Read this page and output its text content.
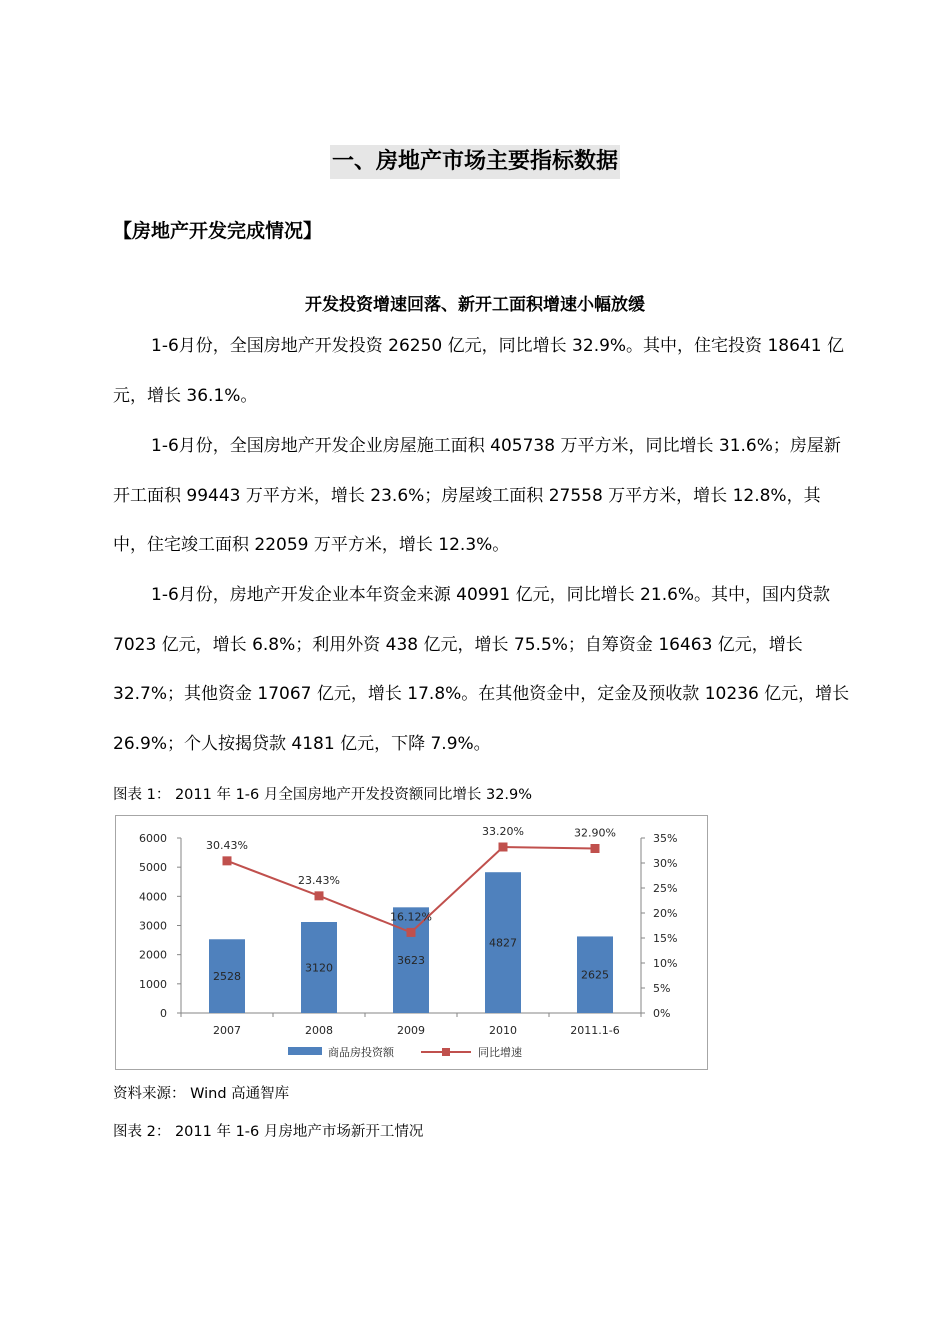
一、房地产市场主要指标数据
【房地产开发完成情况】
开发投资增速回落、新开工面积增速小幅放缓

1-6月份，全国房地产开发投资 26250 亿元，同比增长 32.9%。其中，住宅投资 18641 亿元，增长 36.1%。

1-6月份，全国房地产开发企业房屋施工面积 405738 万平方米，同比增长 31.6%；房屋新开工面积 99443 万平方米，增长 23.6%；房屋竣工面积 27558 万平方米，增长 12.8%，其中，住宅竣工面积 22059 万平方米，增长 12.3%。

1-6月份，房地产开发企业本年资金来源 40991 亿元，同比增长 21.6%。其中，国内贷款 7023 亿元，增长 6.8%；利用外资 438 亿元，增长 75.5%；自筹资金 16463 亿元，增长 32.7%；其他资金 17067 亿元，增长 17.8%。在其他资金中，定金及预收款 10236 亿元，增长 26.9%；个人按揭贷款 4181 亿元，下降 7.9%。

图表 1： 2011 年 1-6 月全国房地产开发投资额同比增长 32.9%
0
1000
2000
3000
4000
5000
6000
0%
5%
10%
15%
20%
25%
30%
35%
2528
3120
3623
4827
2625
2007	2008	2009	2010	2011.1-6
30.43%
23.43%
16.12%
33.20%	32.90%
商品房投资额	同比增速
资料来源： Wind 高通智库
图表 2： 2011 年 1-6 月房地产市场新开工情况
